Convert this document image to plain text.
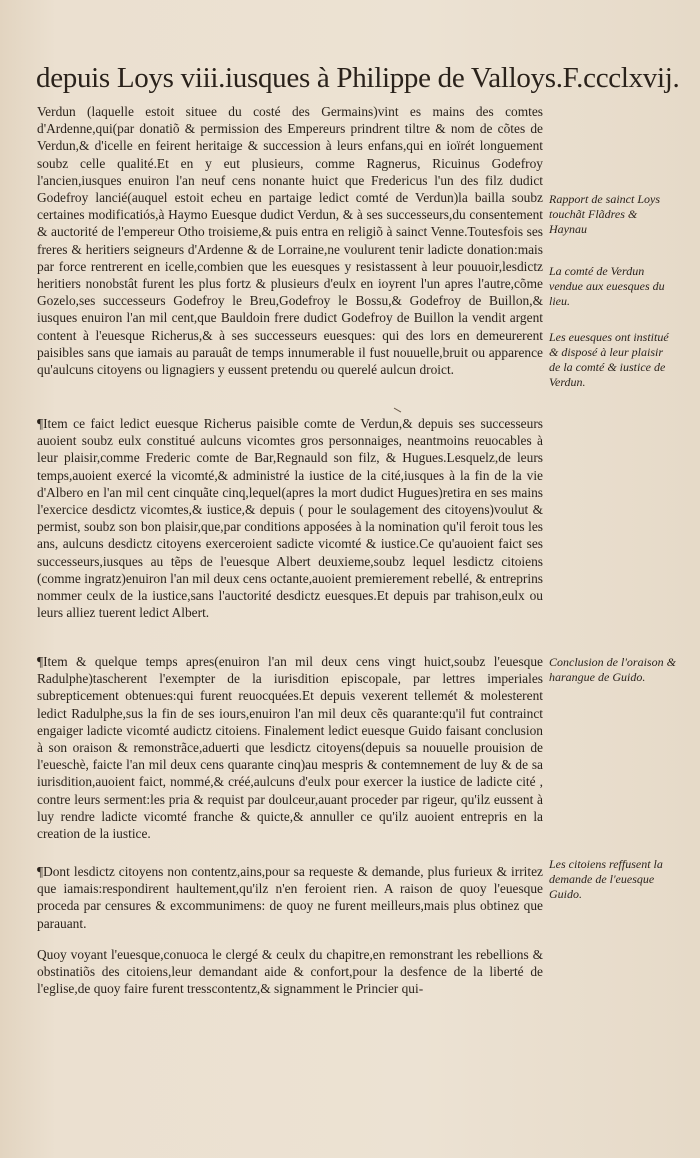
depuis Loys viii.iusques à Philippe de Valloys.F.ccclxvij.

Verdun (laquelle estoit situee du costé des Germains)vint es mains des comtes d'Ardenne,qui(par donatiõ & permission des Empereurs prindrent tiltre & nom de cõtes de Verdun,& d'icelle en feirent heritaige & succession à leurs enfans,qui en ioïrét longuement soubz celle qualité.Et en y eut plusieurs, comme Ragnerus, Ricuinus Godefroy l'ancien,iusques enuiron l'an neuf cens nonante huict que Fredericus l'un des filz dudict Godefroy lancié(auquel estoit echeu en partaige ledict comté de Verdun)la bailla soubz certaines modificatiós,à Haymo Euesque dudict Verdun, & à ses successeurs,du consentement & auctorité de l'empereur Otho troisieme,& puis entra en religiõ à sainct Venne.Toutesfois ses freres & heritiers seigneurs d'Ardenne & de Lorraine,ne voulurent tenir ladicte donation:mais par force rentrerent en icelle,combien que les euesques y resistassent à leur pouuoir,lesdictz heritiers nonobstât furent les plus fortz & plusieurs d'eulx en ioyrent l'un apres l'autre,cõme Gozelo,ses successeurs Godefroy le Breu,Godefroy le Bossu,& Godefroy de Buillon,& iusques enuiron l'an mil cent,que Bauldoin frere dudict Godefroy de Buillon la vendit argent content à l'euesque Richerus,& à ses successeurs euesques: qui des lors en demeurerent paisibles sans que iamais au parauât de temps innumerable il fust nouuelle,bruit ou apparence qu'aulcuns citoyens ou lignagiers y eussent pretendu ou querelé aulcun droict.

¶Item ce faict ledict euesque Richerus paisible comte de Verdun,& depuis ses successeurs auoient soubz eulx constitué aulcuns vicomtes gros personnaiges, neantmoins reuocables à leur plaisir,comme Frederic comte de Bar,Regnauld son filz, & Hugues.Lesquelz,de leurs temps,auoient exercé la vicomté,& administré la iustice de la cité,iusques à la fin de la vie d'Albero en l'an mil cent cinquãte cinq,lequel(apres la mort dudict Hugues)retira en ses mains l'exercice desdictz vicomtes,& iustice,& depuis ( pour le soulagement des citoyens)voulut & permist, soubz son bon plaisir,que,par conditions apposées à la nomination qu'il feroit tous les ans, aulcuns desdictz citoyens exerceroient sadicte vicomté & iustice.Ce qu'auoient faict ses successeurs,iusques au tẽps de l'euesque Albert deuxieme,soubz lequel lesdictz citoiens (comme ingratz)enuiron l'an mil deux cens octante,auoient premierement rebellé, & entreprins nommer ceulx de la iustice,sans l'auctorité desdictz euesques.Et depuis par trahison,eulx ou leurs alliez tuerent ledict Albert.

¶Item & quelque temps apres(enuiron l'an mil deux cens vingt huict,soubz l'euesque Radulphe)tascherent l'exempter de la iurisdition episcopale, par lettres imperiales subrepticement obtenues:qui furent reuocquées.Et depuis vexerent tellemét & molesterent ledict Radulphe,sus la fin de ses iours,enuiron l'an mil deux cẽs quarante:qu'il fut contrainct engaiger ladicte vicomté audictz citoiens. Finalement ledict euesque Guido faisant conclusion à son oraison & remonstrãce,aduerti que lesdictz citoyens(depuis sa nouuelle prouision de l'eueschè, faicte l'an mil deux cens quarante cinq)au mespris & contemnement de luy & de sa iurisdition,auoient faict, nommé,& créé,aulcuns d'eulx pour exercer la iustice de ladicte cité , contre leurs serment:les pria & requist par doulceur,auant proceder par rigeur, qu'ilz eussent à luy rendre ladicte vicomté franche & quicte,& annuller ce qu'ilz auoient entrepris en la creation de la iustice.

¶Dont lesdictz citoyens non contentz,ains,pour sa requeste & demande, plus furieux & irritez que iamais:respondirent haultement,qu'ilz n'en feroient rien. A raison de quoy l'euesque proceda par censures & excommunimens: de quoy ne furent meilleurs,mais plus obtinez que parauant.

Quoy voyant l'euesque,conuoca le clergé & ceulx du chapitre,en remonstrant les rebellions & obstinatiõs des citoiens,leur demandant aide & confort,pour la desfence de la liberté de l'eglise,de quoy faire furent tresscontentz,& signamment le Princier qui-

Rapport de sainct Loys touchãt Flãdres & Haynau

La comté de Verdun vendue aux euesques du lieu.

Les euesques ont institué & disposé à leur plaisir de la comté & iustice de Verdun.

Conclusion de l'oraison & harangue de Guido.

Les citoiens reffusent la demande de l'euesque Guido.
